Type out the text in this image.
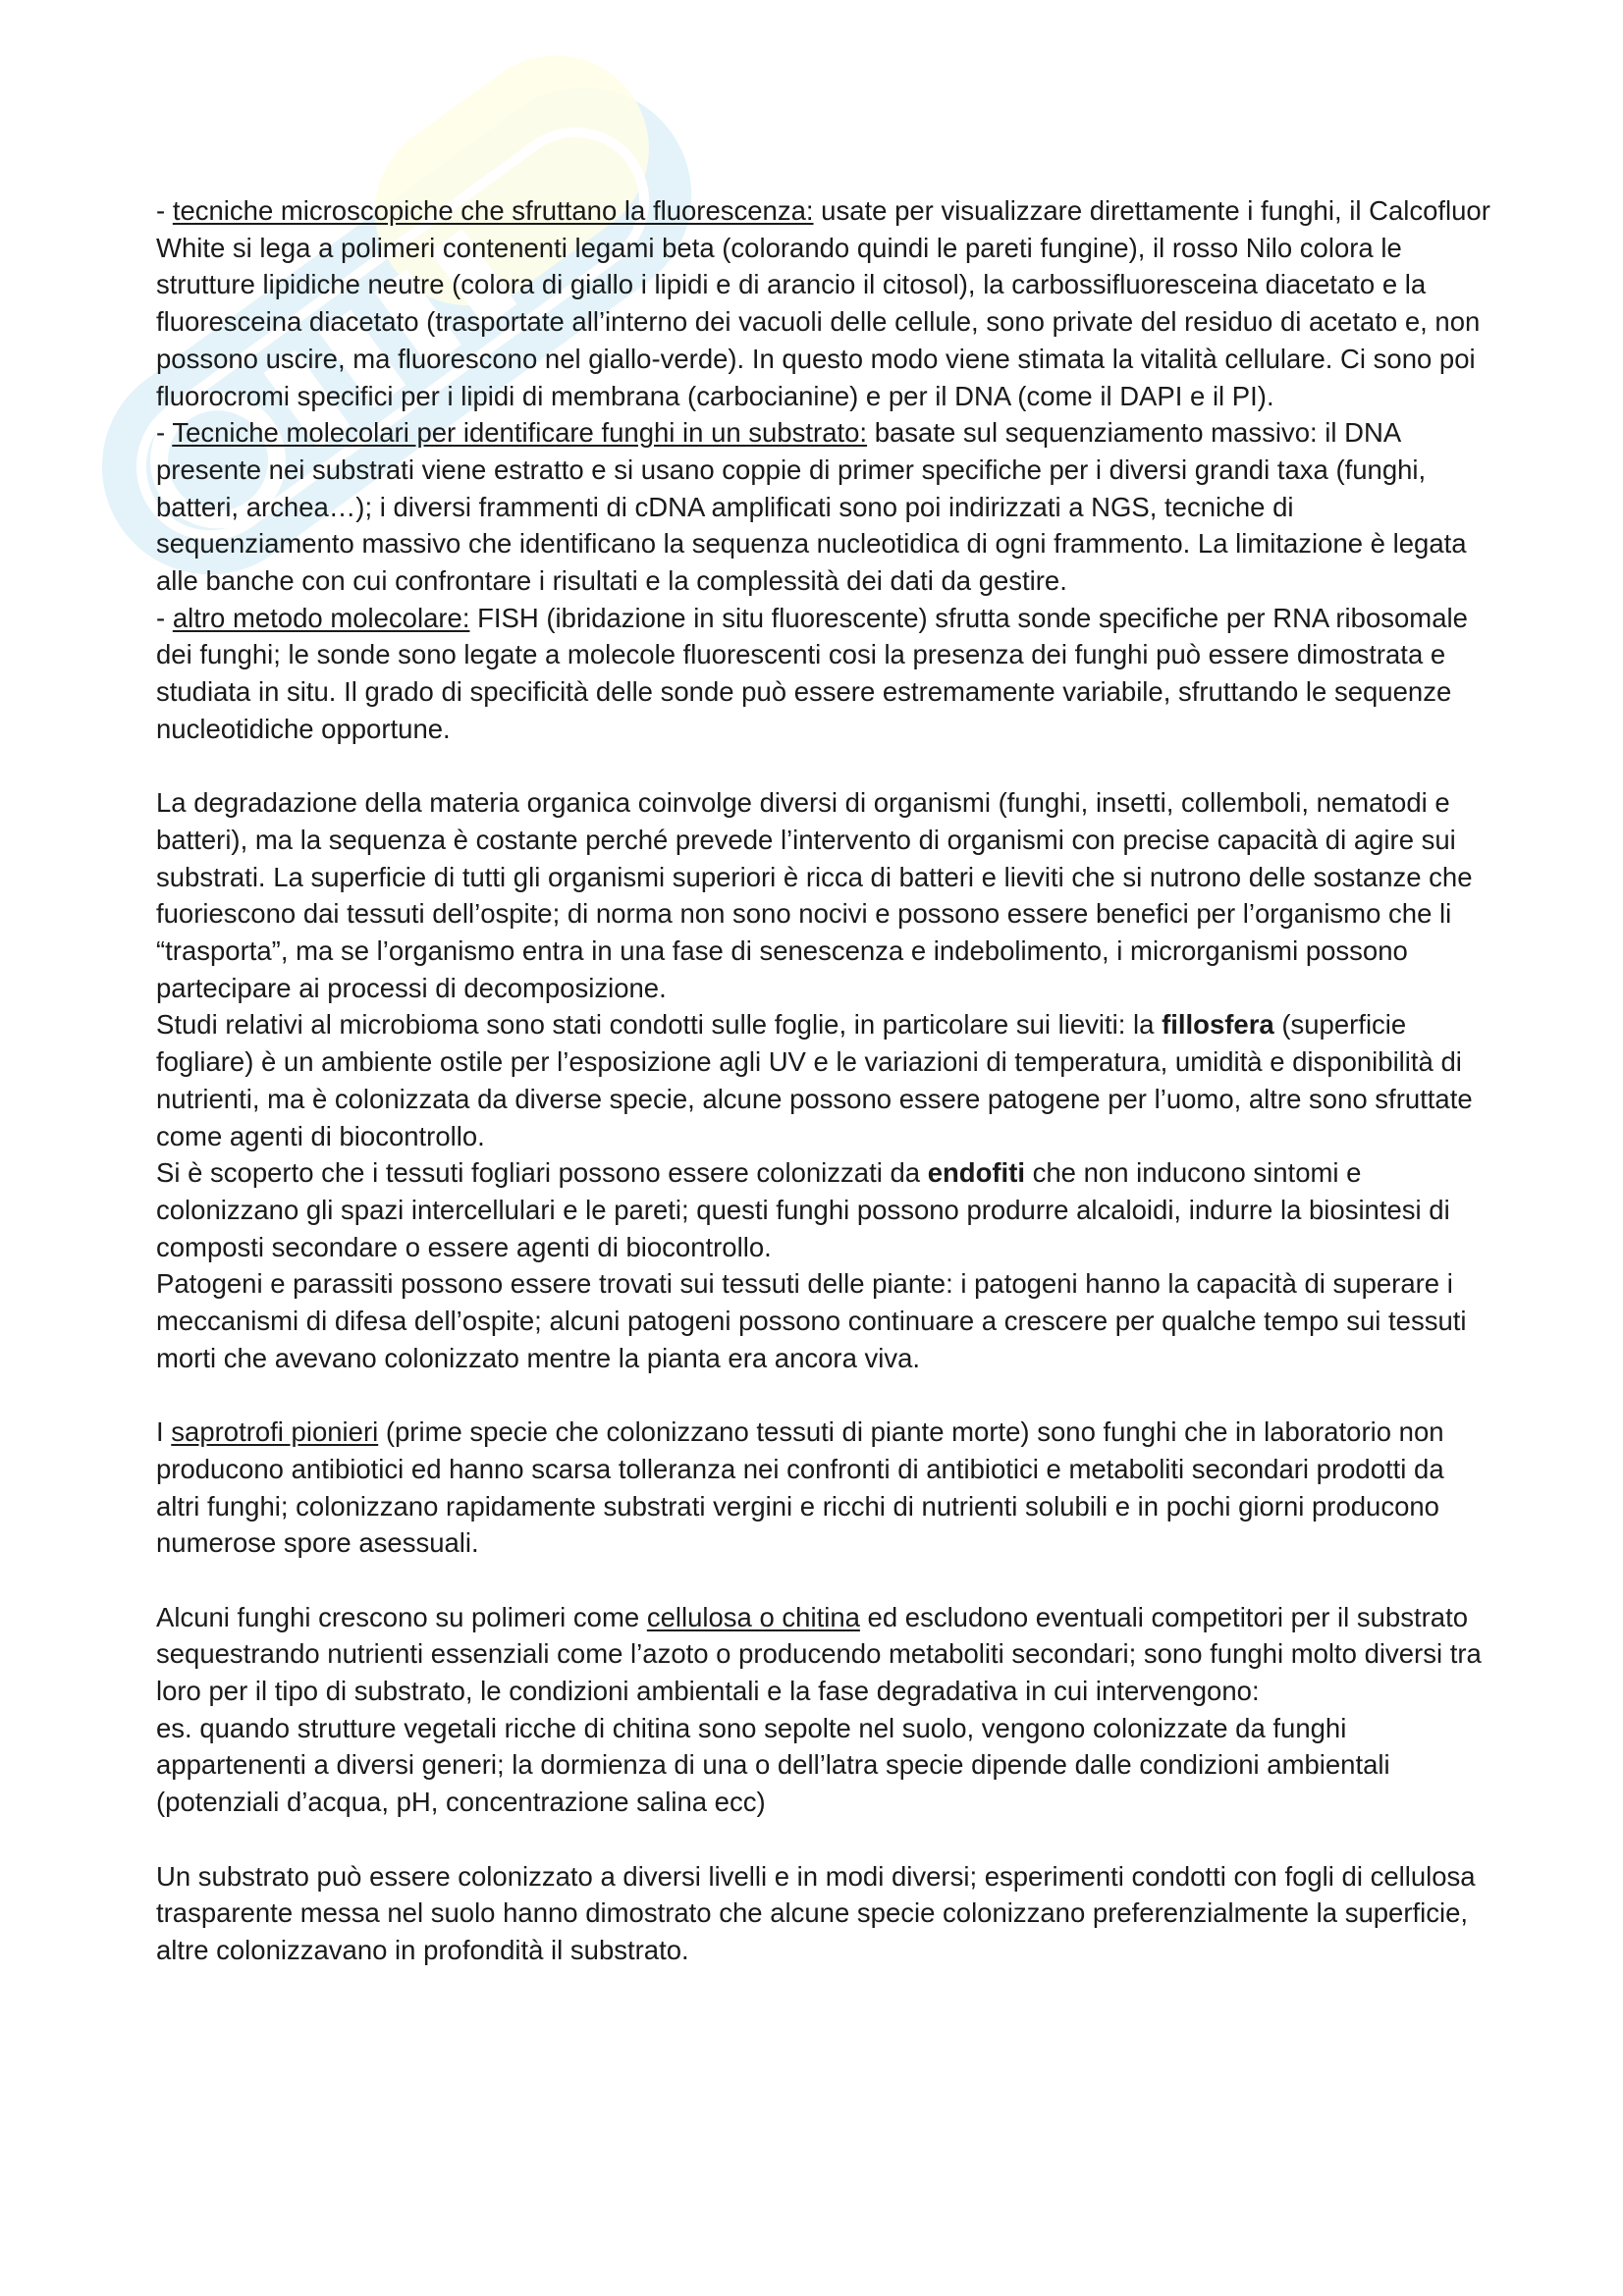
- tecniche microscopiche che sfruttano la fluorescenza: usate per visualizzare direttamente i funghi, il Calcofluor White si lega a polimeri contenenti legami beta (colorando quindi le pareti fungine), il rosso Nilo colora le strutture lipidiche neutre (colora di giallo i lipidi e di arancio il citosol), la carbossifluoresceina diacetato e la fluoresceina diacetato (trasportate all’interno dei vacuoli delle cellule, sono private del residuo di acetato e, non possono uscire, ma fluorescono nel giallo-verde). In questo modo viene stimata la vitalità cellulare. Ci sono poi fluorocromi specifici per i lipidi di membrana (carbocianine) e per il DNA (come il DAPI e il PI).

- Tecniche molecolari per identificare funghi in un substrato: basate sul sequenziamento massivo: il DNA presente nei substrati viene estratto e si usano coppie di primer specifiche per i diversi grandi taxa (funghi, batteri, archea…); i diversi frammenti di cDNA amplificati sono poi indirizzati a NGS, tecniche di sequenziamento massivo che identificano la sequenza nucleotidica di ogni frammento. La limitazione è legata alle banche con cui confrontare i risultati e la complessità dei dati da gestire.

- altro metodo molecolare: FISH (ibridazione in situ fluorescente) sfrutta sonde specifiche per RNA ribosomale dei funghi; le sonde sono legate a molecole fluorescenti cosi la presenza dei funghi può essere dimostrata e studiata in situ. Il grado di specificità delle sonde può essere estremamente variabile, sfruttando le sequenze nucleotidiche opportune.

La degradazione della materia organica coinvolge diversi di organismi (funghi, insetti, collemboli, nematodi e batteri), ma la sequenza è costante perché prevede l’intervento di organismi con precise capacità di agire sui substrati. La superficie di tutti gli organismi superiori è ricca di batteri e lieviti che si nutrono delle sostanze che fuoriescono dai tessuti dell’ospite; di norma non sono nocivi e possono essere benefici per l’organismo che li “trasporta”, ma se l’organismo entra in una fase di senescenza e indebolimento, i microrganismi possono partecipare ai processi di decomposizione.

Studi relativi al microbioma sono stati condotti sulle foglie, in particolare sui lieviti: la fillosfera (superficie fogliare) è un ambiente ostile per l’esposizione agli UV e le variazioni di temperatura, umidità e disponibilità di nutrienti, ma è colonizzata da diverse specie, alcune possono essere patogene per l’uomo, altre sono sfruttate come agenti di biocontrollo.

Si è scoperto che i tessuti fogliari possono essere colonizzati da endofiti che non inducono sintomi e colonizzano gli spazi intercellulari e le pareti; questi funghi possono produrre alcaloidi, indurre la biosintesi di composti secondare o essere agenti di biocontrollo.

Patogeni e parassiti possono essere trovati sui tessuti delle piante: i patogeni hanno la capacità di superare i meccanismi di difesa dell’ospite; alcuni patogeni possono continuare a crescere per qualche tempo sui tessuti morti che avevano colonizzato mentre la pianta era ancora viva.

I saprotrofi pionieri (prime specie che colonizzano tessuti di piante morte) sono funghi che in laboratorio non producono antibiotici ed hanno scarsa tolleranza nei confronti di antibiotici e metaboliti secondari prodotti da altri funghi; colonizzano rapidamente substrati vergini e ricchi di nutrienti solubili e in pochi giorni producono numerose spore asessuali.

Alcuni funghi crescono su polimeri come cellulosa o chitina ed escludono eventuali competitori per il substrato sequestrando nutrienti essenziali come l’azoto o producendo metaboliti secondari; sono funghi molto diversi tra loro per il tipo di substrato, le condizioni ambientali e la fase degradativa in cui intervengono:

es. quando strutture vegetali ricche di chitina sono sepolte nel suolo, vengono colonizzate da funghi appartenenti a diversi generi; la dormienza di una o dell’latra specie dipende dalle condizioni ambientali (potenziali d’acqua, pH, concentrazione salina ecc)

Un substrato può essere colonizzato a diversi livelli e in modi diversi; esperimenti condotti con fogli di cellulosa trasparente messa nel suolo hanno dimostrato che alcune specie colonizzano preferenzialmente la superficie, altre colonizzavano in profondità il substrato.
